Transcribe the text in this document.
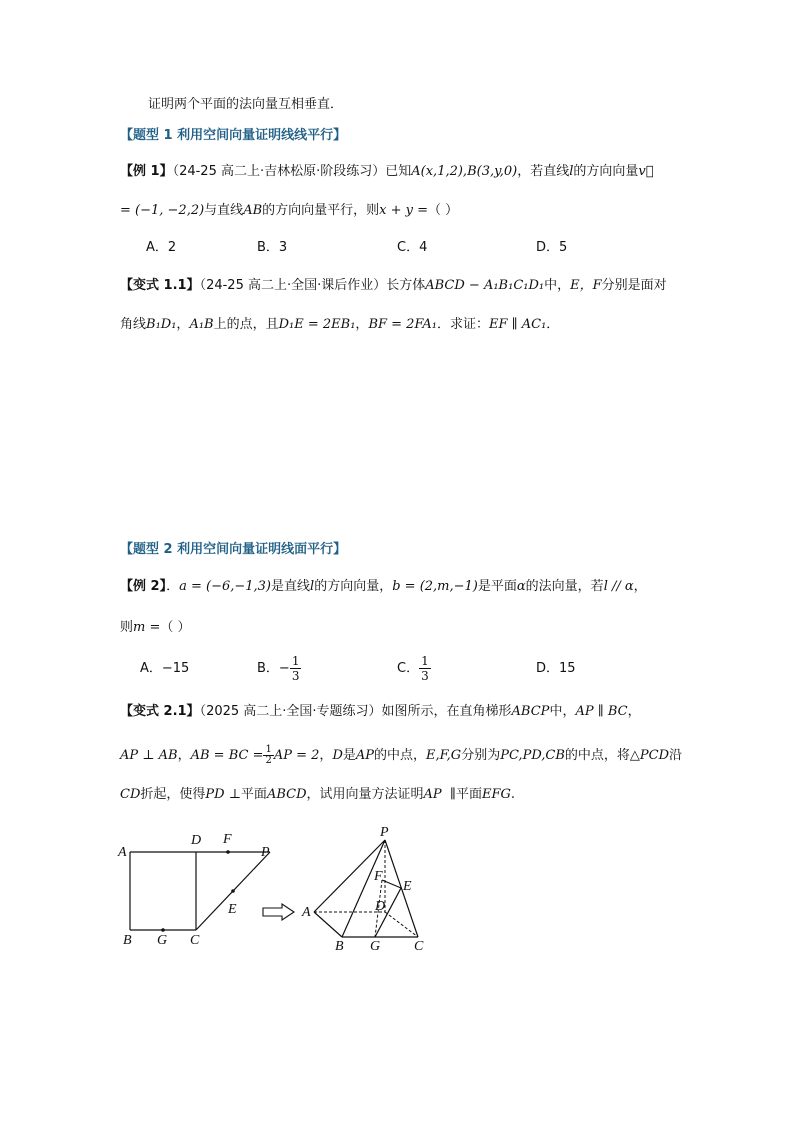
证明两个平面的法向量互相垂直．
【题型 1 利用空间向量证明线线平行】
【例 1】（24-25 高二上·吉林松原·阶段练习）已知A(x,1,2),B(3,y,0)，若直线l的方向向量v⃗
= (−1, −2,2)与直线AB的方向向量平行，则x + y =（ ）
A．2	B．3	C．4	D．5
【变式 1.1】（24-25 高二上·全国·课后作业）长方体ABCD − A₁B₁C₁D₁中，E，F分别是面对
角线B₁D₁，A₁B上的点，且D₁E = 2EB₁，BF = 2FA₁．求证：EF ∥ AC₁．
【题型 2 利用空间向量证明线面平行】
【例 2】．a = (−6,−1,3)是直线l的方向向量，b = (2,m,−1)是平面α的法向量，若l // α，
则m =（ ）
A．−15	B．− $\frac{1}{3}$	C． $\frac{1}{3}$	D．15
【变式 2.1】（2025 高二上·全国·专题练习）如图所示，在直角梯形ABCP中，AP ∥ BC，
AP ⊥ AB，AB = BC = $\frac{1}{2}$ AP = 2，D是AP的中点，E,F,G分别为PC,PD,CB的中点，将△PCD沿
CD折起，使得PD ⊥平面ABCD，试用向量方法证明AP ∥平面EFG.
A
D F
P
E
B G C
P
A
F
E
D
B G C
